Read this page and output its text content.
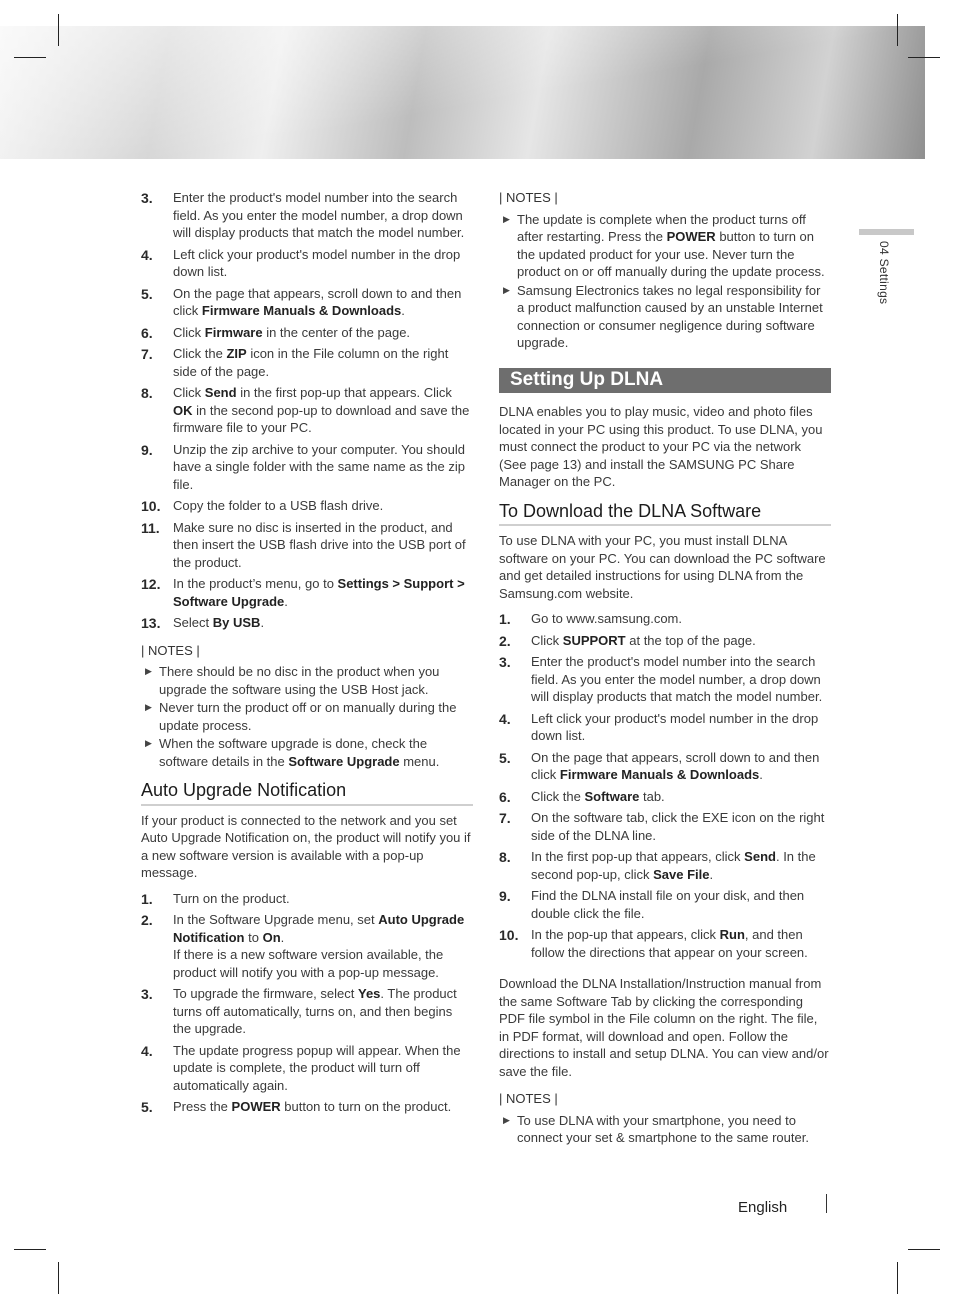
04 Settings
3. Enter the product's model number into the search field. As you enter the model number, a drop down will display products that match the model number.
4. Left click your product's model number in the drop down list.
5. On the page that appears, scroll down to and then click Firmware Manuals & Downloads.
6. Click Firmware in the center of the page.
7. Click the ZIP icon in the File column on the right side of the page.
8. Click Send in the first pop-up that appears. Click OK in the second pop-up to download and save the firmware file to your PC.
9. Unzip the zip archive to your computer. You should have a single folder with the same name as the zip file.
10. Copy the folder to a USB flash drive.
11. Make sure no disc is inserted in the product, and then insert the USB flash drive into the USB port of the product.
12. In the product’s menu, go to Settings > Support > Software Upgrade.
13. Select By USB.
| NOTES |
▶ There should be no disc in the product when you upgrade the software using the USB Host jack.
▶ Never turn the product off or on manually during the update process.
▶ When the software upgrade is done, check the software details in the Software Upgrade menu.
Auto Upgrade Notification

If your product is connected to the network and you set Auto Upgrade Notification on, the product will notify you if a new software version is available with a pop-up message.

1. Turn on the product.
2. In the Software Upgrade menu, set Auto Upgrade Notification to On.
If there is a new software version available, the product will notify you with a pop-up message.
3. To upgrade the firmware, select Yes. The product turns off automatically, turns on, and then begins the upgrade.
4. The update progress popup will appear. When the update is complete, the product will turn off automatically again.
5. Press the POWER button to turn on the product.
| NOTES |
▶ The update is complete when the product turns off after restarting. Press the POWER button to turn on the updated product for your use. Never turn the product on or off manually during the update process.
▶ Samsung Electronics takes no legal responsibility for a product malfunction caused by an unstable Internet connection or consumer negligence during software upgrade.
Setting Up DLNA

DLNA enables you to play music, video and photo files located in your PC using this product. To use DLNA, you must connect the product to your PC via the network (See page 13) and install the SAMSUNG PC Share Manager on the PC.

To Download the DLNA Software

To use DLNA with your PC, you must install DLNA software on your PC. You can download the PC software and get detailed instructions for using DLNA from the Samsung.com website.

1. Go to www.samsung.com.
2. Click SUPPORT at the top of the page.
3. Enter the product's model number into the search field. As you enter the model number, a drop down will display products that match the model number.
4. Left click your product's model number in the drop down list.
5. On the page that appears, scroll down to and then click Firmware Manuals & Downloads.
6. Click the Software tab.
7. On the software tab, click the EXE icon on the right side of the DLNA line.
8. In the first pop-up that appears, click Send. In the second pop-up, click Save File.
9. Find the DLNA install file on your disk, and then double click the file.
10. In the pop-up that appears, click Run, and then follow the directions that appear on your screen.

Download the DLNA Installation/Instruction manual from the same Software Tab by clicking the corresponding PDF file symbol in the File column on the right. The file, in PDF format, will download and open. Follow the directions to install and setup DLNA. You can view and/or save the file.

| NOTES |
▶ To use DLNA with your smartphone, you need to connect your set & smartphone to the same router.
English
